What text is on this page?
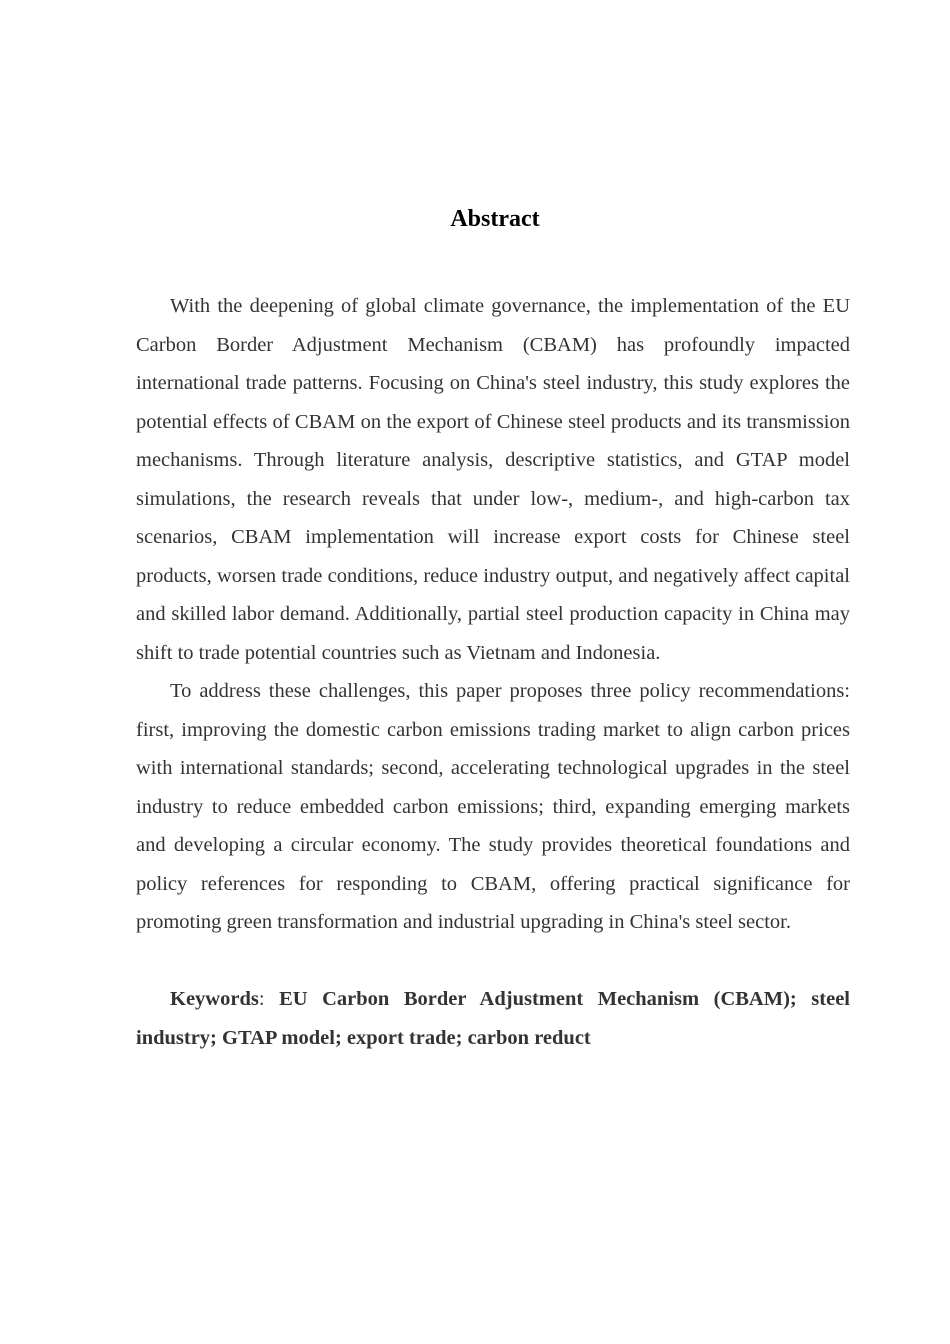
Abstract

With the deepening of global climate governance, the implementation of the EU Carbon Border Adjustment Mechanism (CBAM) has profoundly impacted international trade patterns. Focusing on China's steel industry, this study explores the potential effects of CBAM on the export of Chinese steel products and its transmission mechanisms. Through literature analysis, descriptive statistics, and GTAP model simulations, the research reveals that under low-, medium-, and high-carbon tax scenarios, CBAM implementation will increase export costs for Chinese steel products, worsen trade conditions, reduce industry output, and negatively affect capital and skilled labor demand. Additionally, partial steel production capacity in China may shift to trade potential countries such as Vietnam and Indonesia.

To address these challenges, this paper proposes three policy recommendations: first, improving the domestic carbon emissions trading market to align carbon prices with international standards; second, accelerating technological upgrades in the steel industry to reduce embedded carbon emissions; third, expanding emerging markets and developing a circular economy. The study provides theoretical foundations and policy references for responding to CBAM, offering practical significance for promoting green transformation and industrial upgrading in China's steel sector.

Keywords: EU Carbon Border Adjustment Mechanism (CBAM); steel industry; GTAP model; export trade; carbon reduct
